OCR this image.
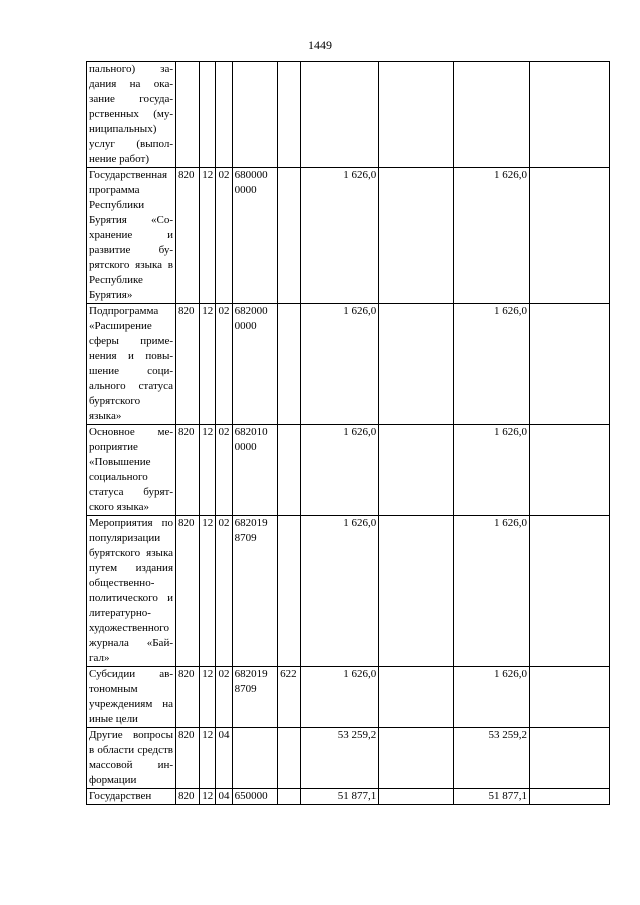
1449
пального) задания на оказание государственных (муниципальных) услуг (выполнение работ)									
Государственная программа Республики Бурятия «Сохранение и развитие бурятского языка в Республике Бурятия»	820	12	02	680000 0000		1 626,0		1 626,0	
Подпрограмма «Расширение сферы применения и повышение социального статуса бурятского языка»	820	12	02	682000 0000		1 626,0		1 626,0	
Основное мероприятие «Повышение социального статуса бурятского языка»	820	12	02	682010 0000		1 626,0		1 626,0	
Мероприятия по популяризации бурятского языка путем издания общественно-политического и литературно-художественного журнала «Байгал»	820	12	02	682019 8709		1 626,0		1 626,0	
Субсидии автономным учреждениям на иные цели	820	12	02	682019 8709	622	1 626,0		1 626,0	
Другие вопросы в области средств массовой информации	820	12	04			53 259,2		53 259,2	
Государствен	820	12	04	650000		51 877,1		51 877,1	
